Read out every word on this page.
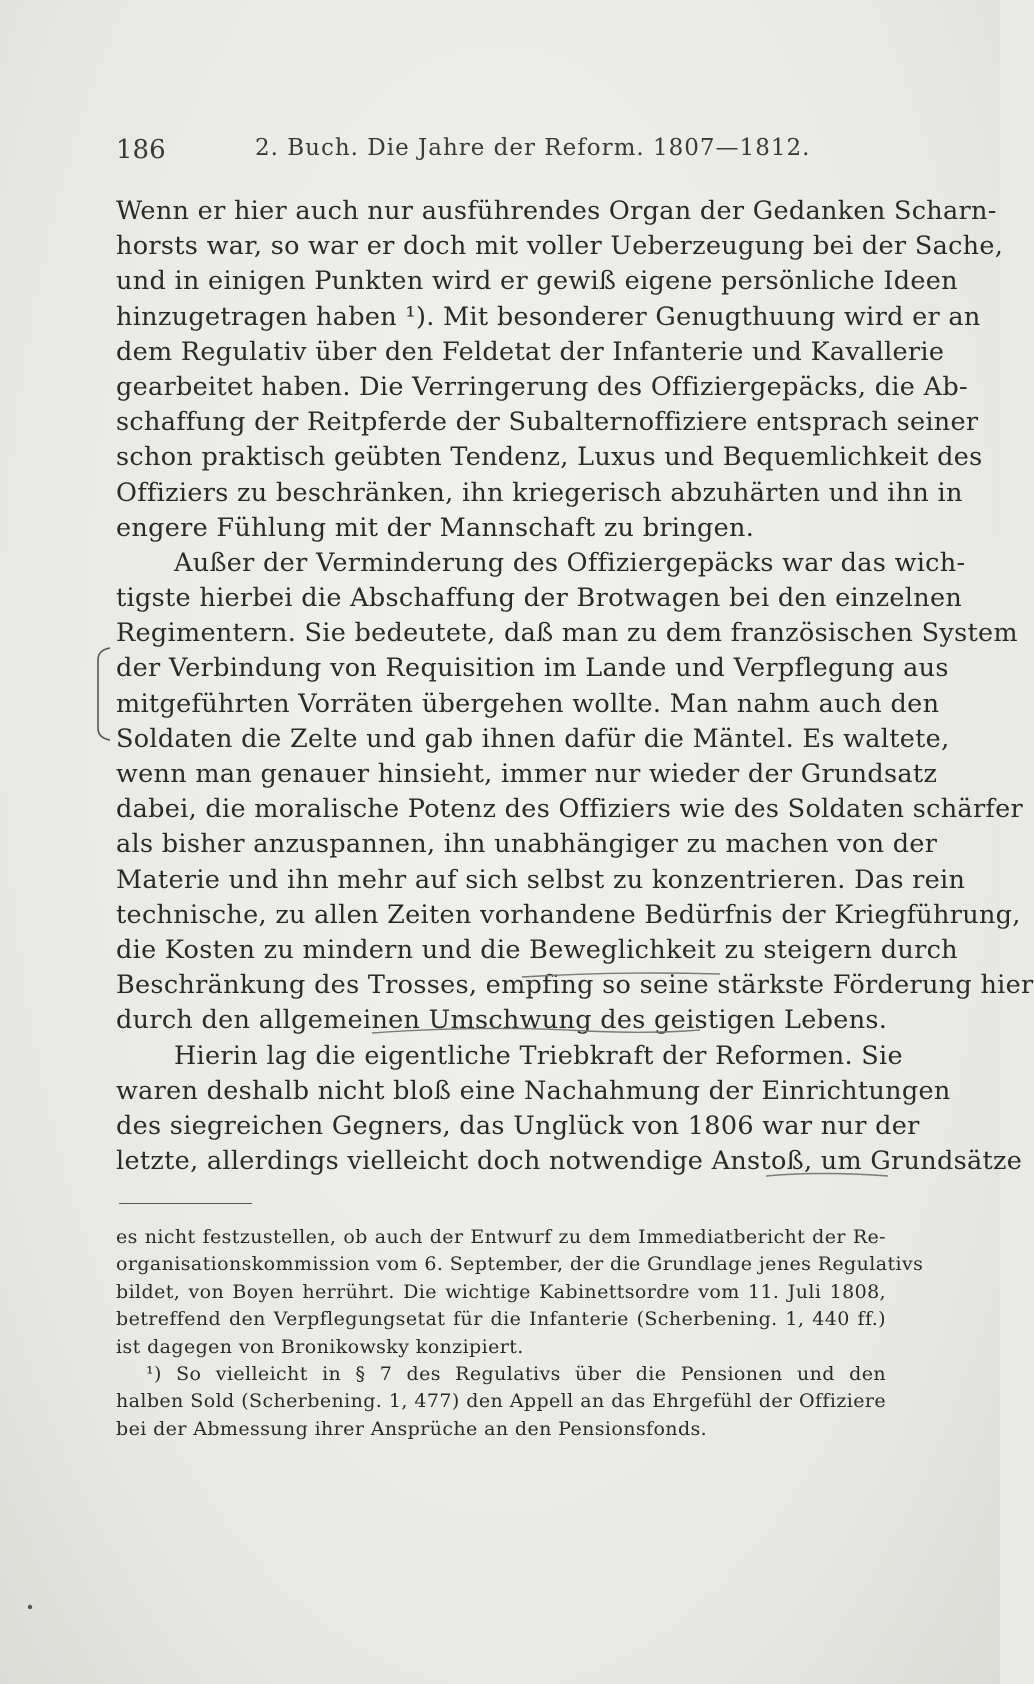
186	2. Buch. Die Jahre der Reform. 1807—1812.
Wenn er hier auch nur ausführendes Organ der Gedanken Scharn-
horsts war, so war er doch mit voller Ueberzeugung bei der Sache,
und in einigen Punkten wird er gewiß eigene persönliche Ideen
hinzugetragen haben ¹). Mit besonderer Genugthuung wird er an
dem Regulativ über den Feldetat der Infanterie und Kavallerie
gearbeitet haben. Die Verringerung des Offiziergepäcks, die Ab-
schaffung der Reitpferde der Subalternoffiziere entsprach seiner
schon praktisch geübten Tendenz, Luxus und Bequemlichkeit des
Offiziers zu beschränken, ihn kriegerisch abzuhärten und ihn in
engere Fühlung mit der Mannschaft zu bringen.
Außer der Verminderung des Offiziergepäcks war das wich-
tigste hierbei die Abschaffung der Brotwagen bei den einzelnen
Regimentern. Sie bedeutete, daß man zu dem französischen System
der Verbindung von Requisition im Lande und Verpflegung aus
mitgeführten Vorräten übergehen wollte. Man nahm auch den
Soldaten die Zelte und gab ihnen dafür die Mäntel. Es waltete,
wenn man genauer hinsieht, immer nur wieder der Grundsatz
dabei, die moralische Potenz des Offiziers wie des Soldaten schärfer
als bisher anzuspannen, ihn unabhängiger zu machen von der
Materie und ihn mehr auf sich selbst zu konzentrieren. Das rein
technische, zu allen Zeiten vorhandene Bedürfnis der Kriegführung,
die Kosten zu mindern und die Beweglichkeit zu steigern durch
Beschränkung des Trosses, empfing so seine stärkste Förderung hier
durch den allgemeinen Umschwung des geistigen Lebens.
Hierin lag die eigentliche Triebkraft der Reformen. Sie
waren deshalb nicht bloß eine Nachahmung der Einrichtungen
des siegreichen Gegners, das Unglück von 1806 war nur der
letzte, allerdings vielleicht doch notwendige Anstoß, um Grundsätze
es nicht festzustellen, ob auch der Entwurf zu dem Immediatbericht der Re-
organisationskommission vom 6. September, der die Grundlage jenes Regulativs
bildet, von Boyen herrührt. Die wichtige Kabinettsordre vom 11. Juli 1808,
betreffend den Verpflegungsetat für die Infanterie (Scherbening. 1, 440 ff.)
ist dagegen von Bronikowsky konzipiert.
¹) So vielleicht in § 7 des Regulativs über die Pensionen und den
halben Sold (Scherbening. 1, 477) den Appell an das Ehrgefühl der Offiziere
bei der Abmessung ihrer Ansprüche an den Pensionsfonds.
